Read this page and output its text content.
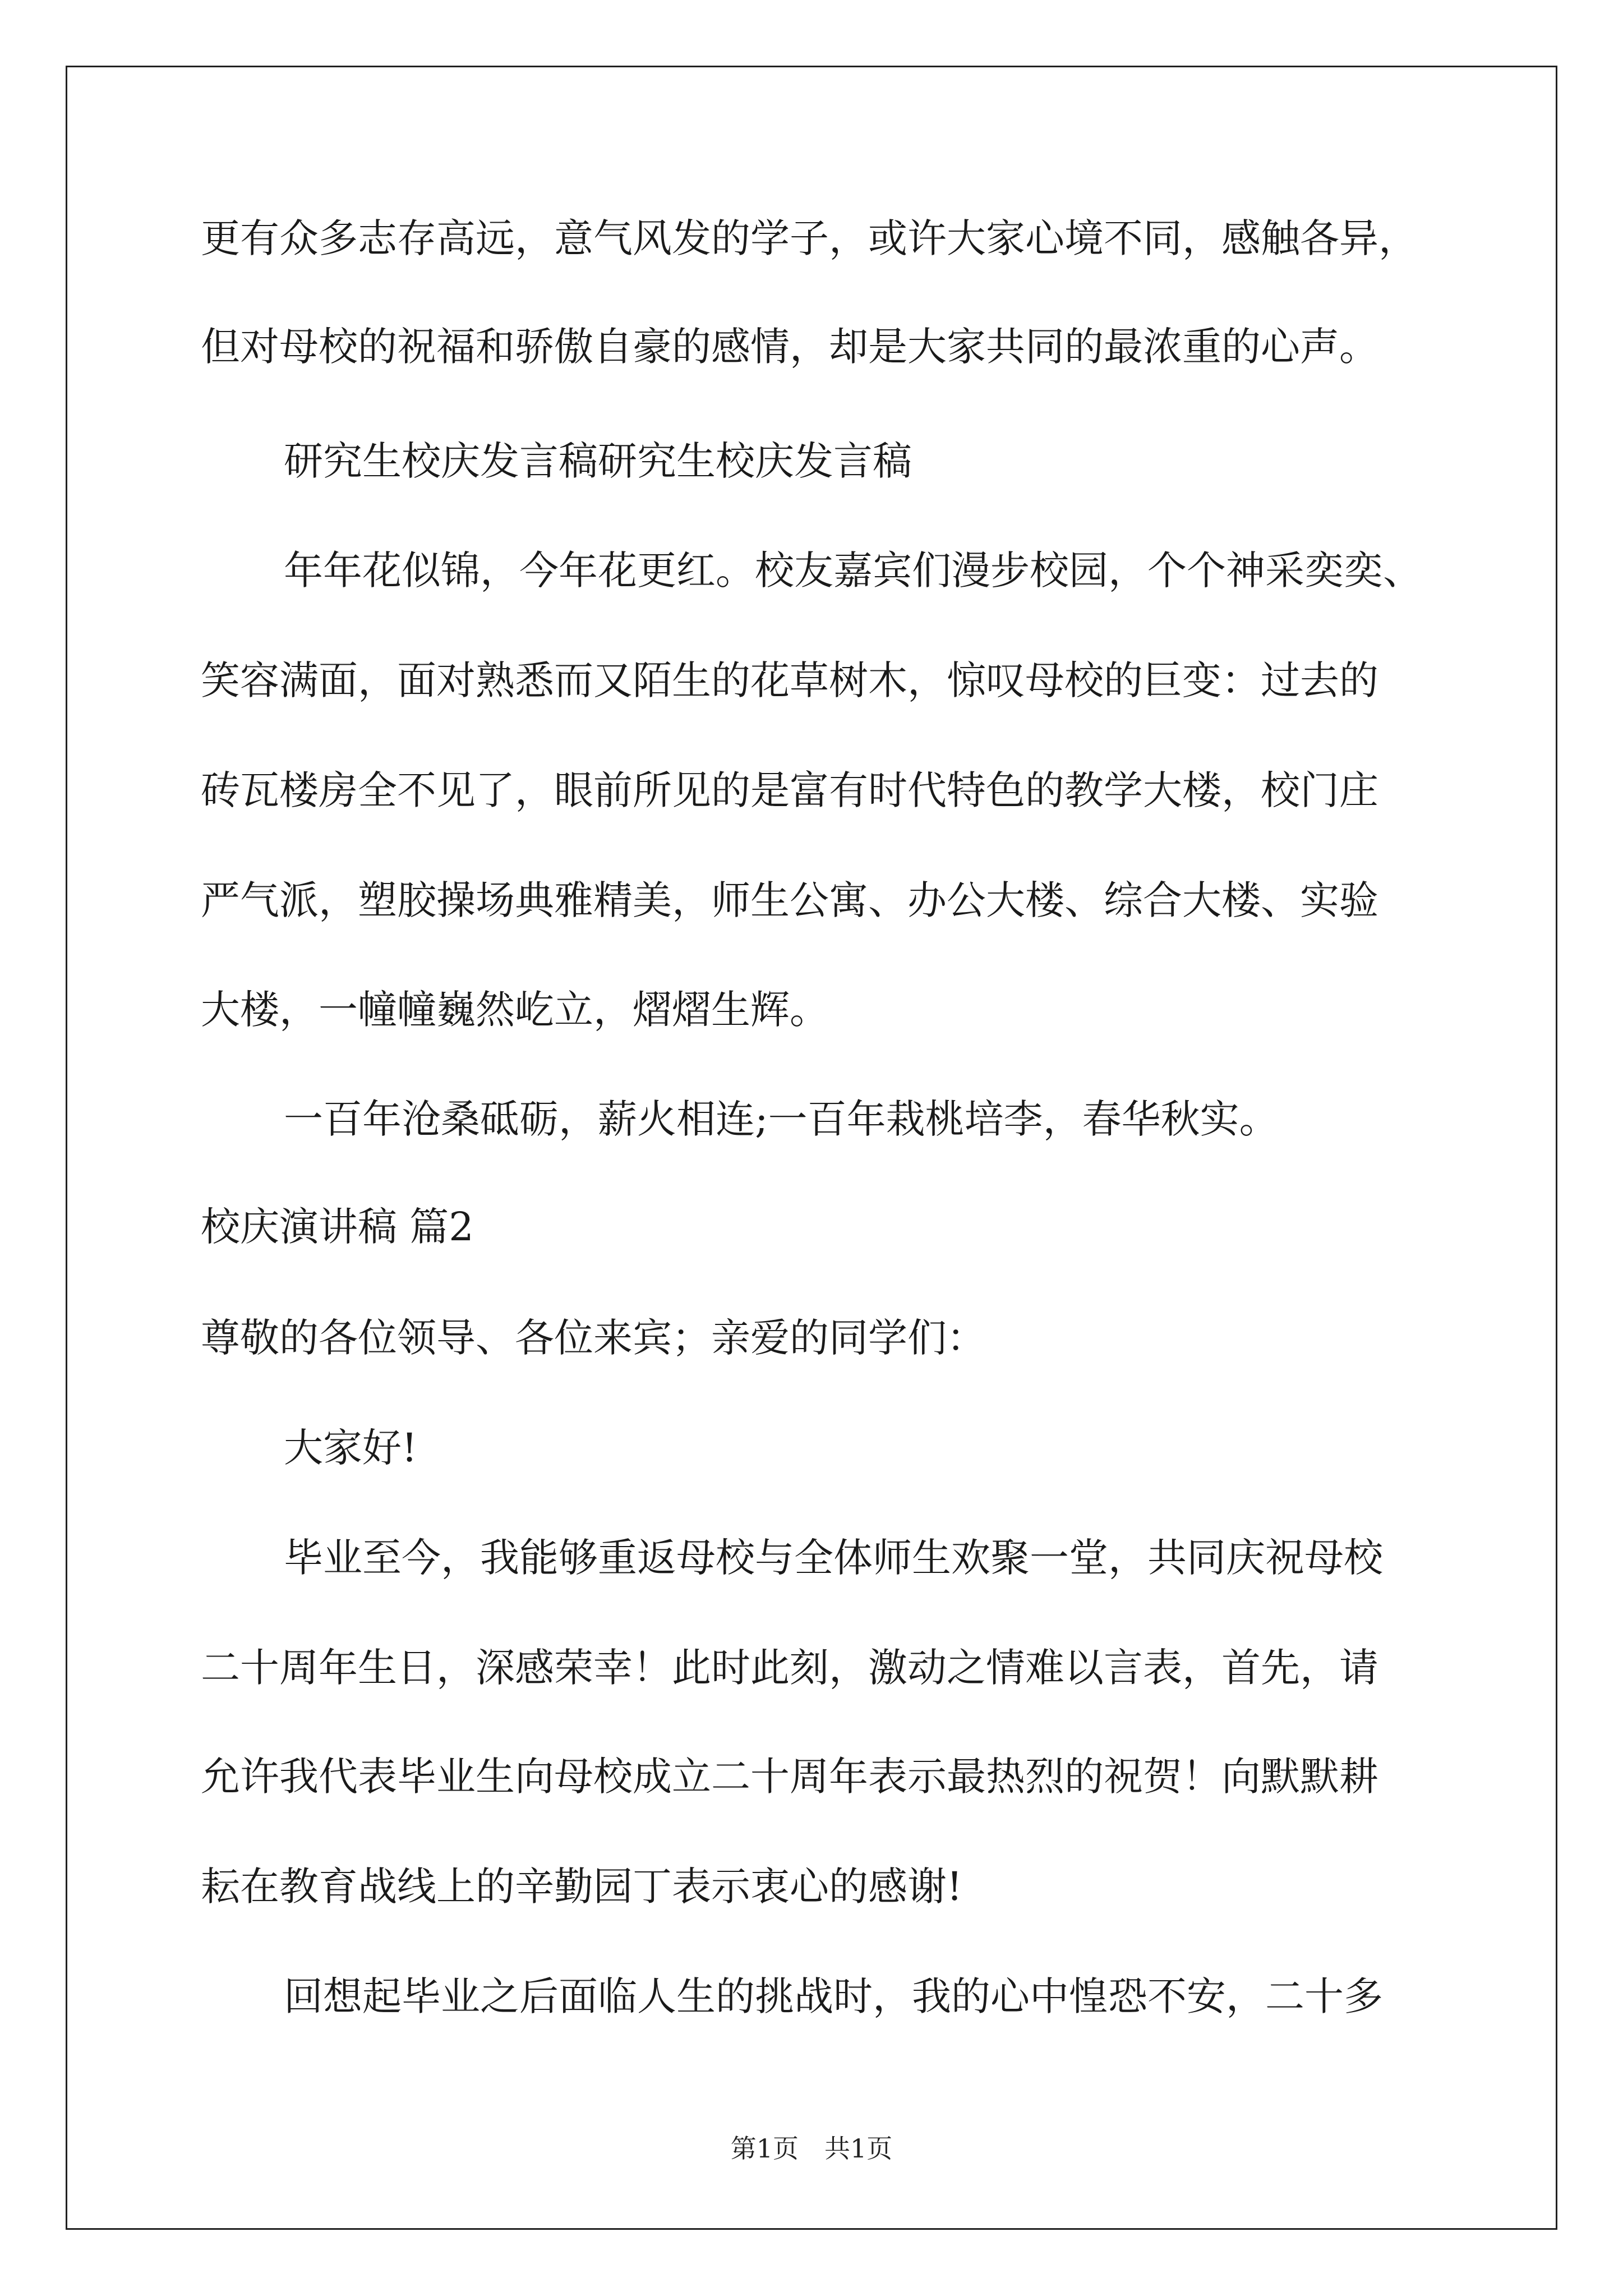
更有众多志存高远，意气风发的学子，或许大家心境不同，感触各异，
但对母校的祝福和骄傲自豪的感情，却是大家共同的最浓重的心声。
研究生校庆发言稿研究生校庆发言稿
年年花似锦，今年花更红。校友嘉宾们漫步校园，个个神采奕奕、
笑容满面，面对熟悉而又陌生的花草树木，惊叹母校的巨变：过去的
砖瓦楼房全不见了，眼前所见的是富有时代特色的教学大楼，校门庄
严气派，塑胶操场典雅精美，师生公寓、办公大楼、综合大楼、实验
大楼，一幢幢巍然屹立，熠熠生辉。
一百年沧桑砥砺，薪火相连;一百年栽桃培李，春华秋实。
校庆演讲稿 篇2
尊敬的各位领导、各位来宾；亲爱的同学们：
大家好!
毕业至今，我能够重返母校与全体师生欢聚一堂，共同庆祝母校
二十周年生日，深感荣幸！此时此刻，激动之情难以言表，首先，请
允许我代表毕业生向母校成立二十周年表示最热烈的祝贺！向默默耕
耘在教育战线上的辛勤园丁表示衷心的感谢!
回想起毕业之后面临人生的挑战时，我的心中惶恐不安，二十多
第1页　共1页
